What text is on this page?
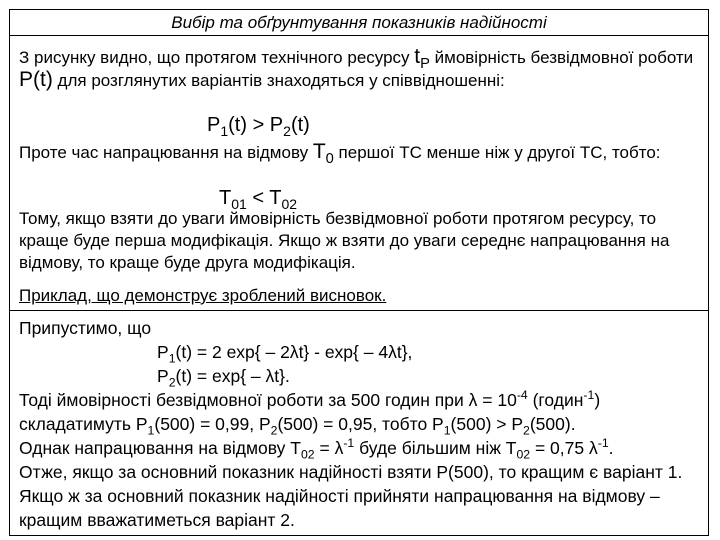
Вибір та обґрунтування показників надійності
З рисунку видно, що протягом технічного ресурсу $t_P$ ймовірність безвідмовної роботи P(t) для розглянутих варіантів знаходяться у співвідношенні:
$P_1(t) > P_2(t)$
Проте час напрацювання на відмову $T_0$ першої ТС менше ніж у другої ТС, тобто:
$T_{01} < T_{02}$
Тому, якщо взяти до уваги ймовірність безвідмовної роботи протягом ресурсу, то краще буде перша модифікація. Якщо ж взяти до уваги середнє напрацювання на відмову, то краще буде друга модифікація.
Приклад, що демонструє зроблений висновок.
Припустимо, що
$P_1(t) = 2$ exp{ – 2λt} - exp{ – 4λt},
$P_2(t) = \exp\{ - \lambda t\}$.
Тоді ймовірності безвідмовної роботи за 500 годин при $\lambda = 10^{-4}$ (годин$^{-1}$)
складатимуть $P_1(500) = 0,99$, $P_2(500) = 0,95$, тобто $P_1(500) > P_2(500)$.
Однак напрацювання на відмову $T_{02} = \lambda^{-1}$ буде більшим ніж $T_{02} = 0,75$ $\lambda^{-1}$.
Отже, якщо за основний показник надійності взяти P(500), то кращим є варіант 1. Якщо ж за основний показник надійності прийняти напрацювання на відмову – кращим вважатиметься варіант 2.
